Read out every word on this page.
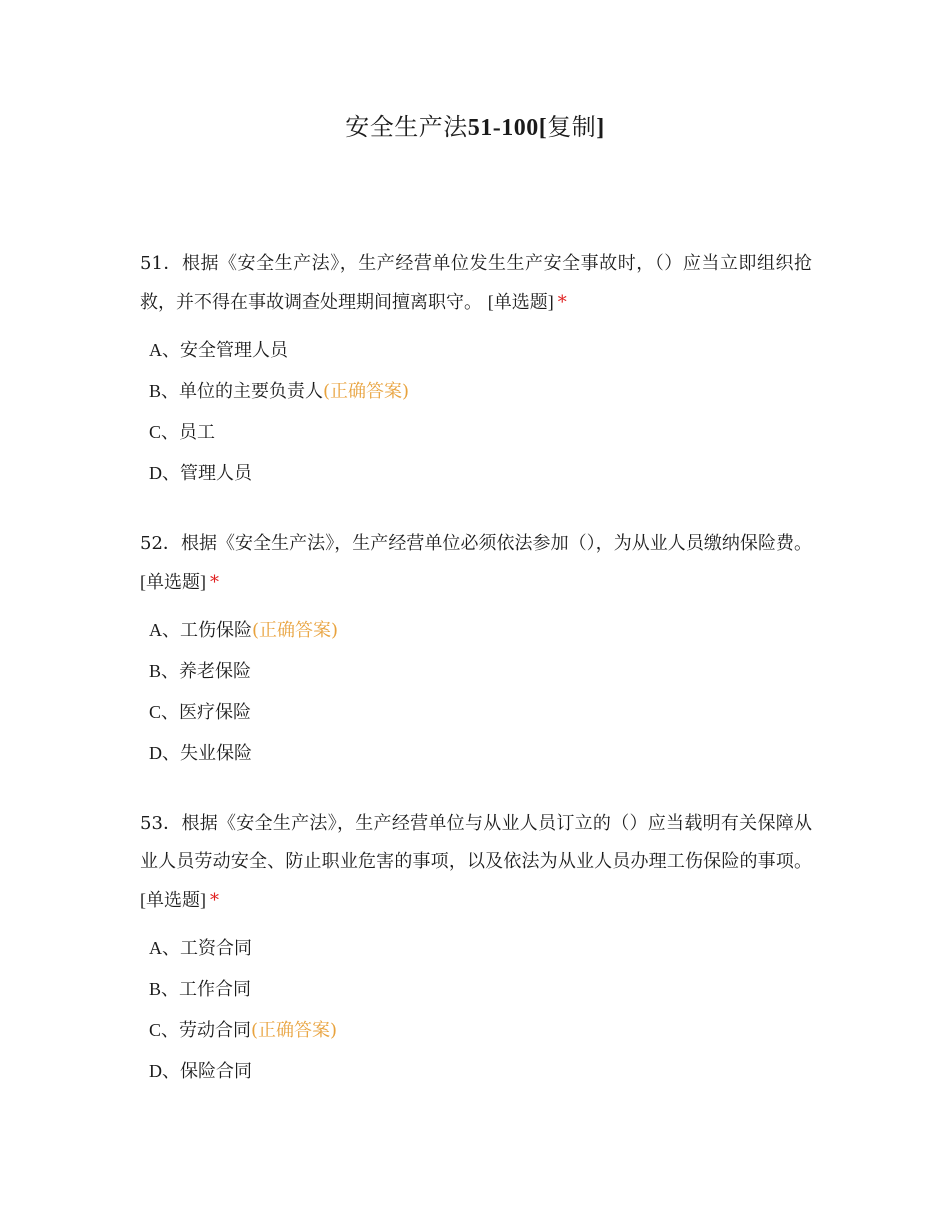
安全生产法51-100[复制]

51．根据《安全生产法》，生产经营单位发生生产安全事故时，（）应当立即组织抢救，并不得在事故调查处理期间擅离职守。 [单选题] *

A、安全管理人员

B、单位的主要负责人(正确答案)

C、员工

D、管理人员

52．根据《安全生产法》，生产经营单位必须依法参加（），为从业人员缴纳保险费。 [单选题] *

A、工伤保险(正确答案)

B、养老保险

C、医疗保险

D、失业保险

53．根据《安全生产法》，生产经营单位与从业人员订立的（）应当载明有关保障从业人员劳动安全、防止职业危害的事项，以及依法为从业人员办理工伤保险的事项。 [单选题] *

A、工资合同

B、工作合同

C、劳动合同(正确答案)

D、保险合同
